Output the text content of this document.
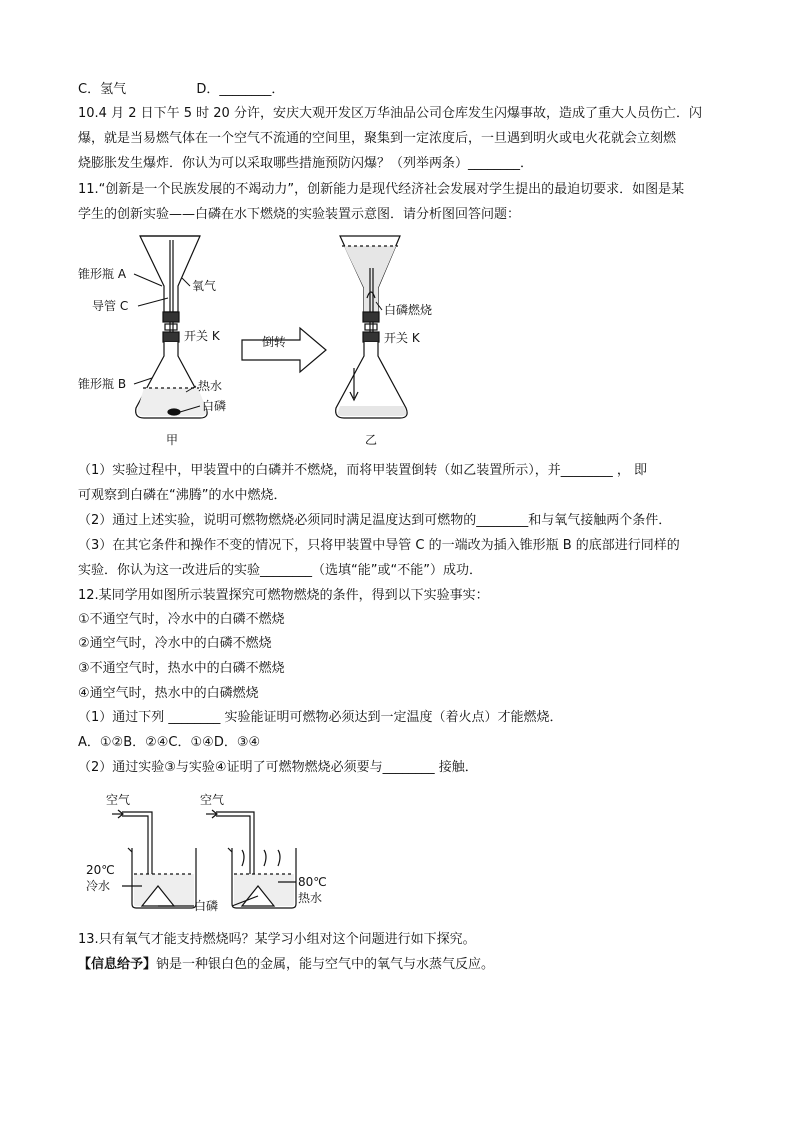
C．氢气	D．________．
10.4 月 2 日下午 5 时 20 分许，安庆大观开发区万华油品公司仓库发生闪爆事故，造成了重大人员伤亡．闪
爆，就是当易燃气体在一个空气不流通的空间里，聚集到一定浓度后，一旦遇到明火或电火花就会立刻燃
烧膨胀发生爆炸．你认为可以采取哪些措施预防闪爆？（列举两条）________．
11.“创新是一个民族发展的不竭动力”，创新能力是现代经济社会发展对学生提出的最迫切要求．如图是某
学生的创新实验——白磷在水下燃烧的实验装置示意图．请分析图回答问题：
锥形瓶 A
氧气
导管 C
开关 K
锥形瓶 B	热水
白磷
甲
倒转
白磷燃烧
开关 K
乙
（1）实验过程中，甲装置中的白磷并不燃烧，而将甲装置倒转（如乙装置所示），并________ ， 即
可观察到白磷在“沸腾”的水中燃烧．
（2）通过上述实验，说明可燃物燃烧必须同时满足温度达到可燃物的________和与氧气接触两个条件．
（3）在其它条件和操作不变的情况下，只将甲装置中导管 C 的一端改为插入锥形瓶 B 的底部进行同样的
实验．你认为这一改进后的实验________（选填“能”或“不能”）成功．
12.某同学用如图所示装置探究可燃物燃烧的条件，得到以下实验事实：
①不通空气时，冷水中的白磷不燃烧
②通空气时，冷水中的白磷不燃烧
③不通空气时，热水中的白磷不燃烧
④通空气时，热水中的白磷燃烧
（1）通过下列 ________ 实验能证明可燃物必须达到一定温度（着火点）才能燃烧．
A．①②B．②④C．①④D．③④
（2）通过实验③与实验④证明了可燃物燃烧必须要与________ 接触．
空气	空气
20℃
冷水
白磷
80℃
热水
13.只有氧气才能支持燃烧吗？某学习小组对这个问题进行如下探究。
【信息给予】钠是一种银白色的金属，能与空气中的氧气与水蒸气反应。
